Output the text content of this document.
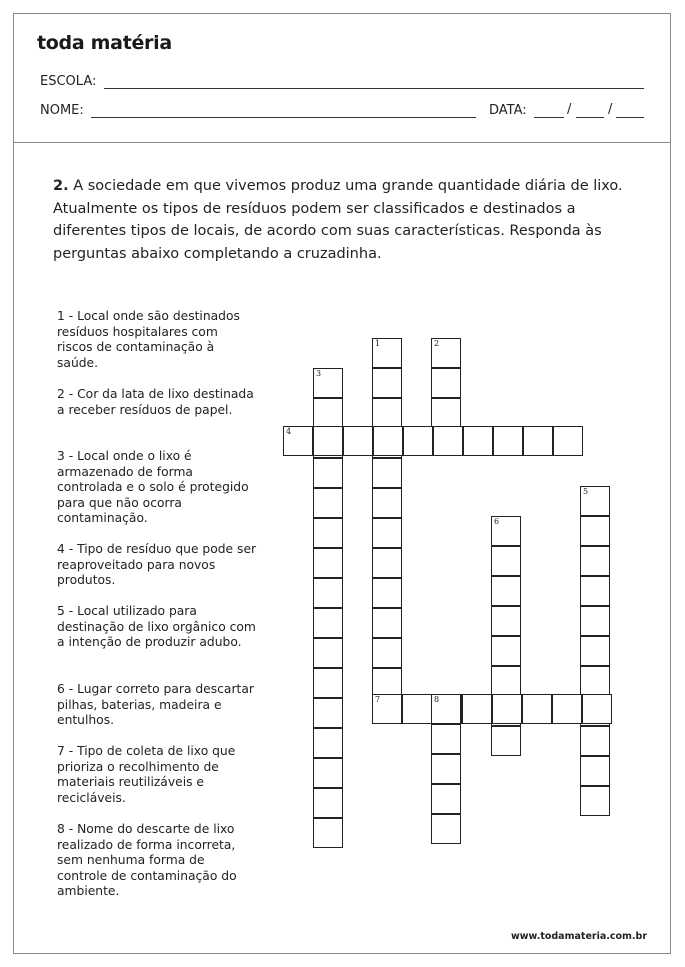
toda matéria
ESCOLA:
NOME:	DATA:	/	/
2. A sociedade em que vivemos produz uma grande quantidade diária de lixo. Atualmente os tipos de resíduos podem ser classificados e destinados a diferentes tipos de locais, de acordo com suas características. Responda às perguntas abaixo completando a cruzadinha.
1 - Local onde são destinados resíduos hospitalares com riscos de contaminação à saúde.
2 - Cor da lata de lixo destinada a receber resíduos de papel.
3 - Local onde o lixo é armazenado de forma controlada e o solo é protegido para que não ocorra contaminação.
4 - Tipo de resíduo que pode ser reaproveitado para novos produtos.
5 - Local utilizado para destinação de lixo orgânico com a intenção de produzir adubo.
6 - Lugar correto para descartar pilhas, baterias, madeira e entulhos.
7 - Tipo de coleta de lixo que prioriza o recolhimento de materiais reutilizáveis e recicláveis.
8 - Nome do descarte de lixo realizado de forma incorreta, sem nenhuma forma de controle de contaminação do ambiente.
1	2
3
4
5
6
7	8
www.todamateria.com.br
